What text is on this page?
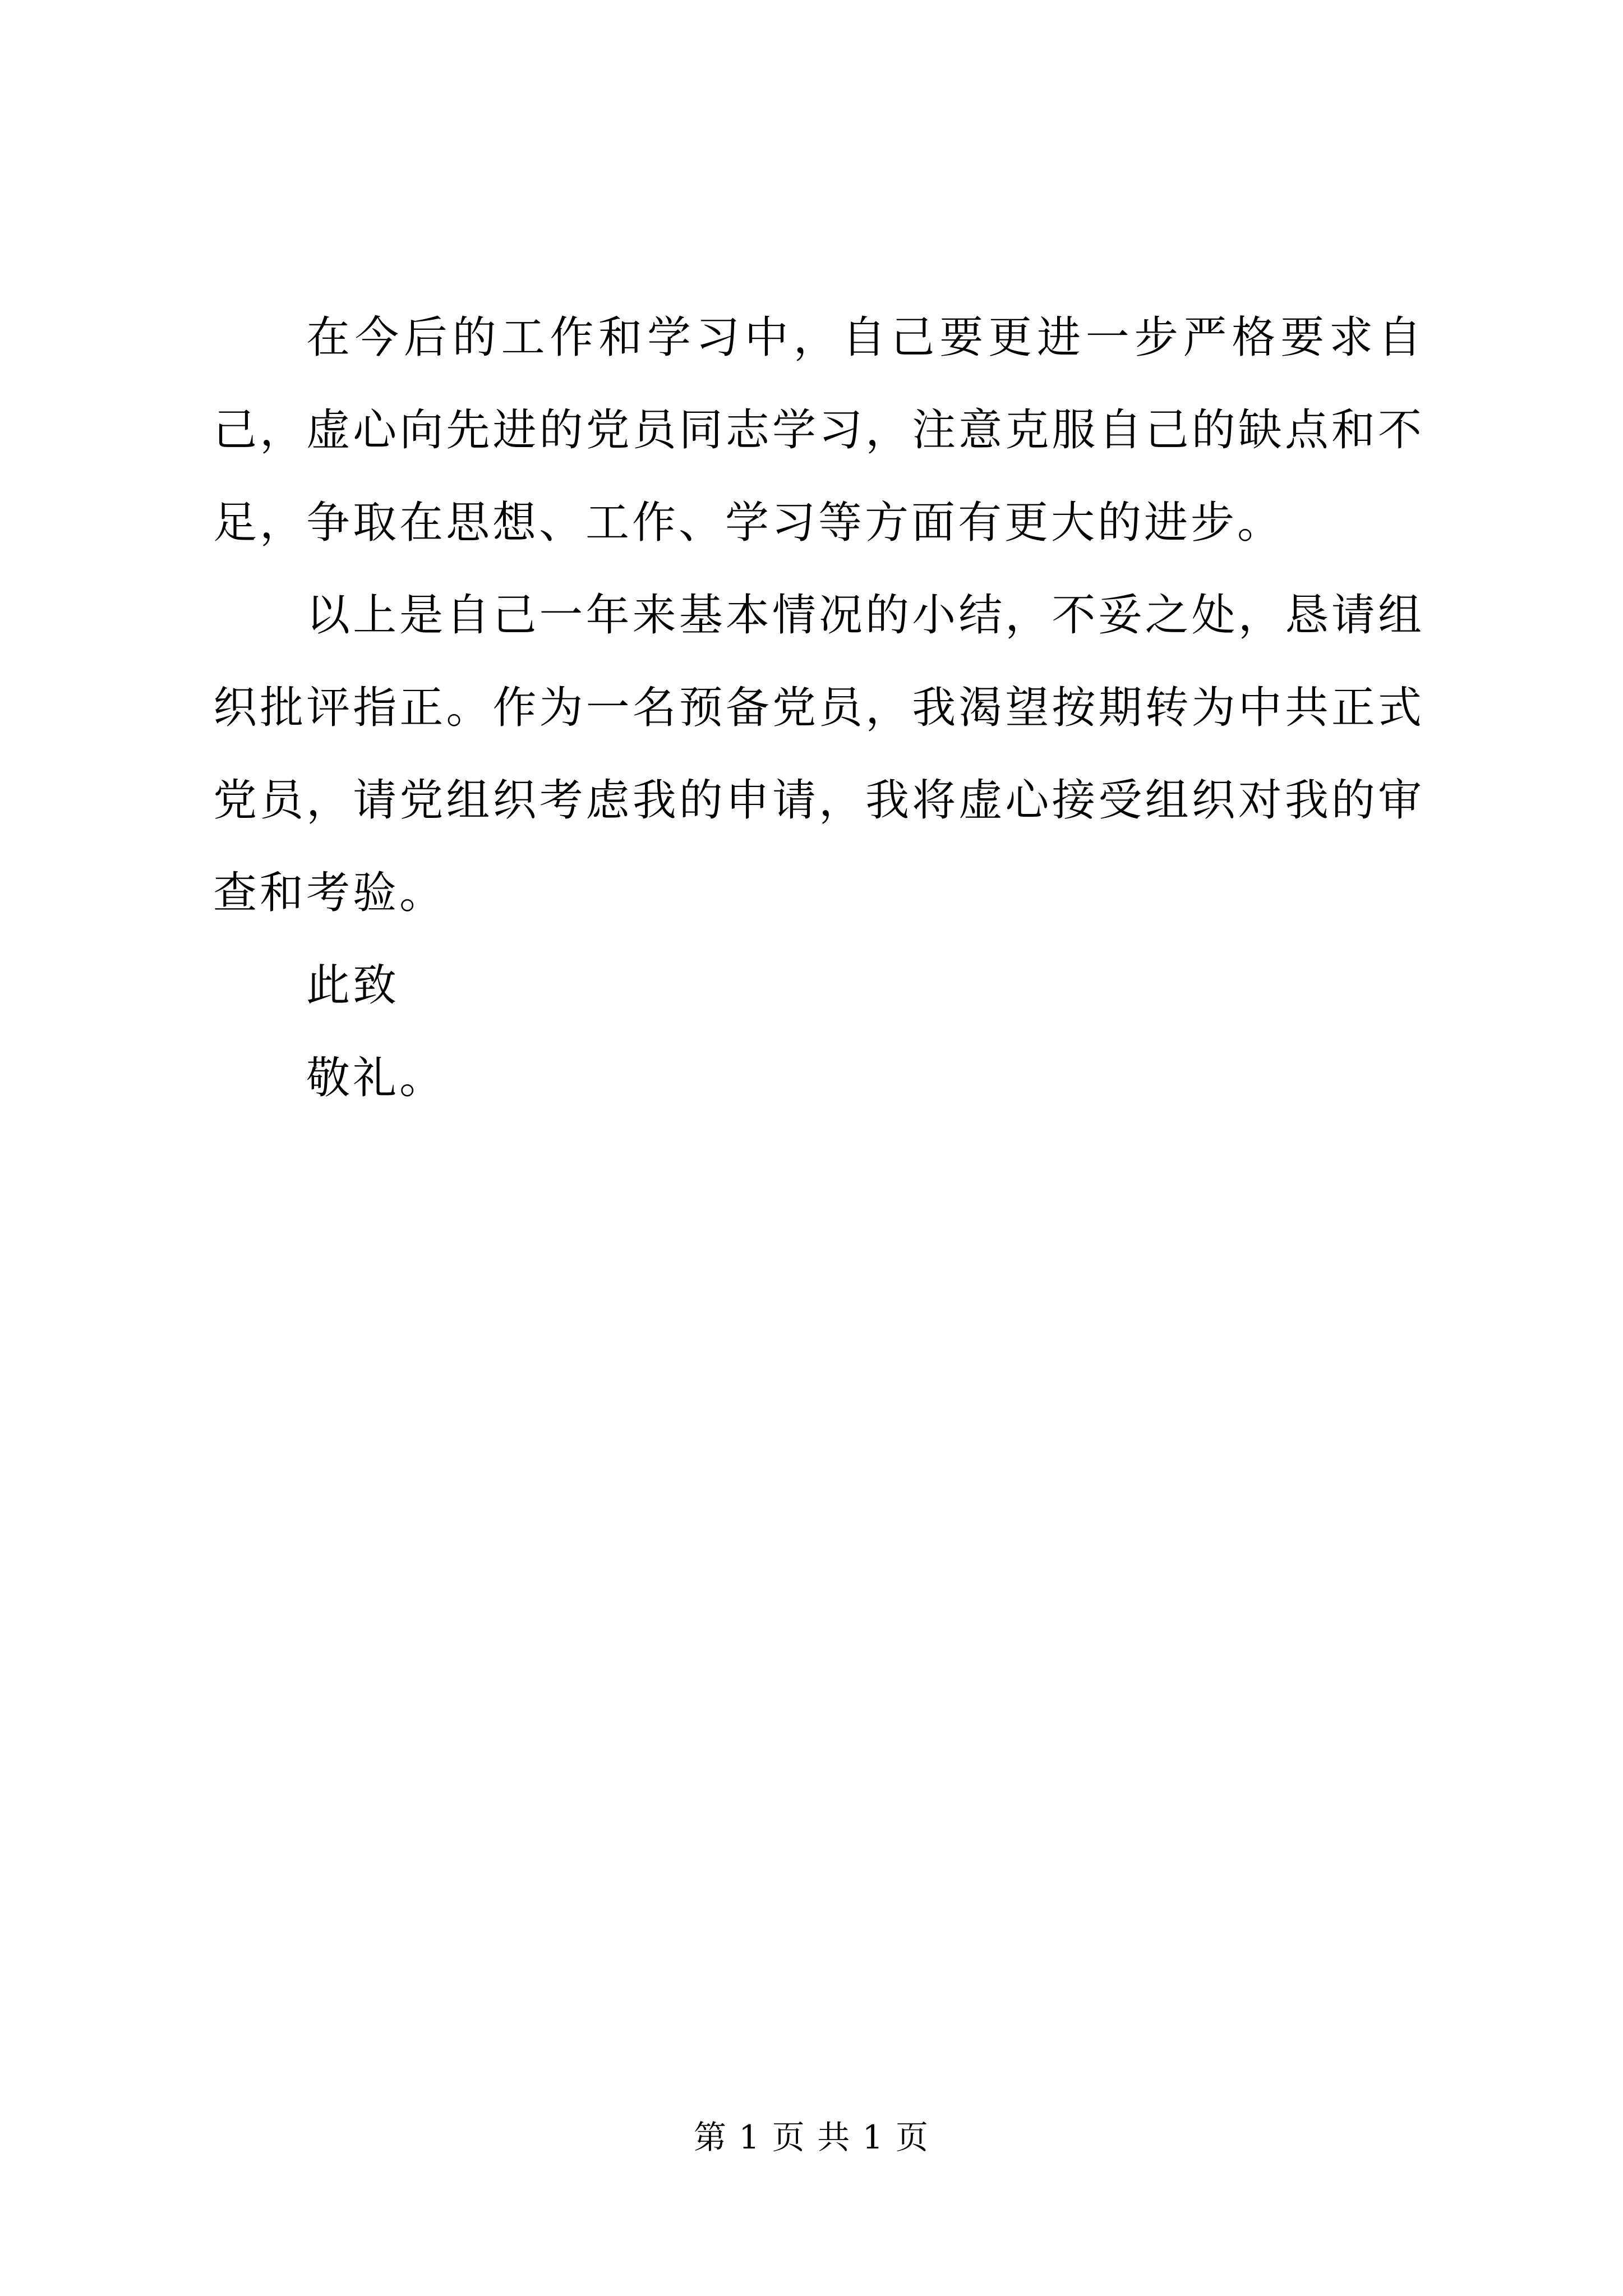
在今后的工作和学习中，自己要更进一步严格要求自己，虚心向先进的党员同志学习，注意克服自己的缺点和不足，争取在思想、工作、学习等方面有更大的进步。

以上是自己一年来基本情况的小结，不妥之处，恳请组织批评指正。作为一名预备党员，我渴望按期转为中共正式党员，请党组织考虑我的申请，我将虚心接受组织对我的审查和考验。

此致

敬礼。

第 1 页 共 1 页
